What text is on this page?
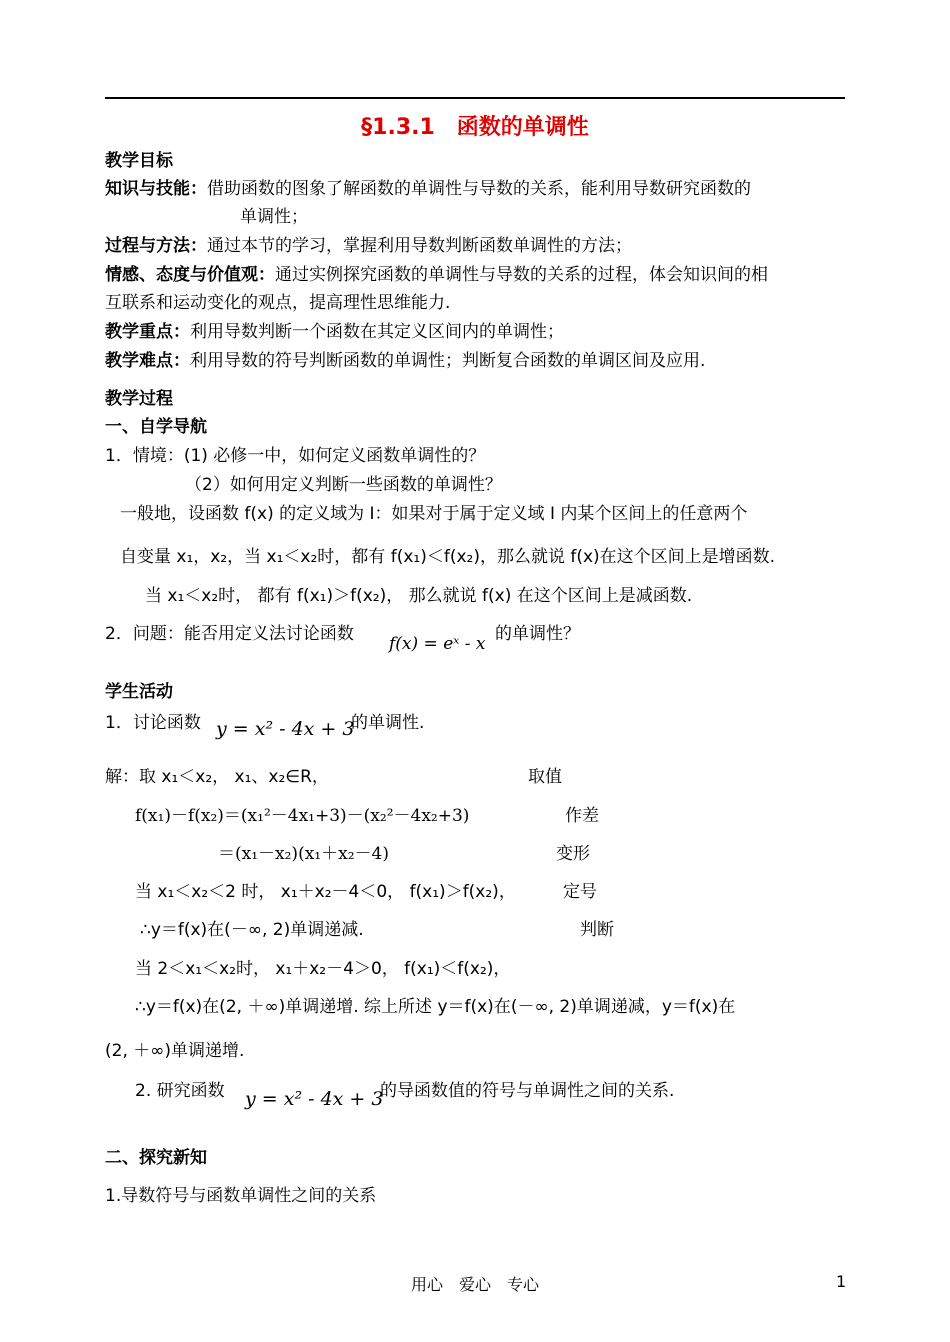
§1.3.1　函数的单调性
教学目标
知识与技能：借助函数的图象了解函数的单调性与导数的关系，能利用导数研究函数的
单调性；
过程与方法：通过本节的学习，掌握利用导数判断函数单调性的方法；
情感、态度与价值观：通过实例探究函数的单调性与导数的关系的过程，体会知识间的相
互联系和运动变化的观点，提高理性思维能力.
教学重点：利用导数判断一个函数在其定义区间内的单调性；
教学难点：利用导数的符号判断函数的单调性；判断复合函数的单调区间及应用.
教学过程
一、自学导航
1．情境：(1) 必修一中，如何定义函数单调性的？
（2）如何用定义判断一些函数的单调性？
一般地，设函数 f(x) 的定义域为 I：如果对于属于定义域 I 内某个区间上的任意两个
自变量 x₁，x₂，当 x₁＜x₂时，都有 f(x₁)＜f(x₂)，那么就说 f(x)在这个区间上是增函数.
当 x₁＜x₂时， 都有 f(x₁)＞f(x₂)， 那么就说 f(x) 在这个区间上是减函数.
2．问题：能否用定义法讨论函数 f(x) = eˣ - x 的单调性？
学生活动
1．讨论函数 y = x² - 4x + 3
的单调性.
解：取 x₁＜x₂， x₁、x₂∈R，	取值
f(x₁)－f(x₂)＝(x₁²－4x₁+3)－(x₂²－4x₂+3)	作差
＝(x₁－x₂)(x₁＋x₂－4)	变形
当 x₁＜x₂＜2 时， x₁＋x₂－4＜0， f(x₁)＞f(x₂)，	定号
∴y＝f(x)在(－∞, 2)单调递减.	判断
当 2＜x₁＜x₂时， x₁＋x₂－4＞0， f(x₁)＜f(x₂)，
∴y＝f(x)在(2, ＋∞)单调递增. 综上所述 y＝f(x)在(－∞, 2)单调递减，y＝f(x)在
(2, ＋∞)单调递增.
2. 研究函数 y = x² - 4x + 3
的导函数值的符号与单调性之间的关系.
二、探究新知
1.导数符号与函数单调性之间的关系
用心　爱心　专心	1
